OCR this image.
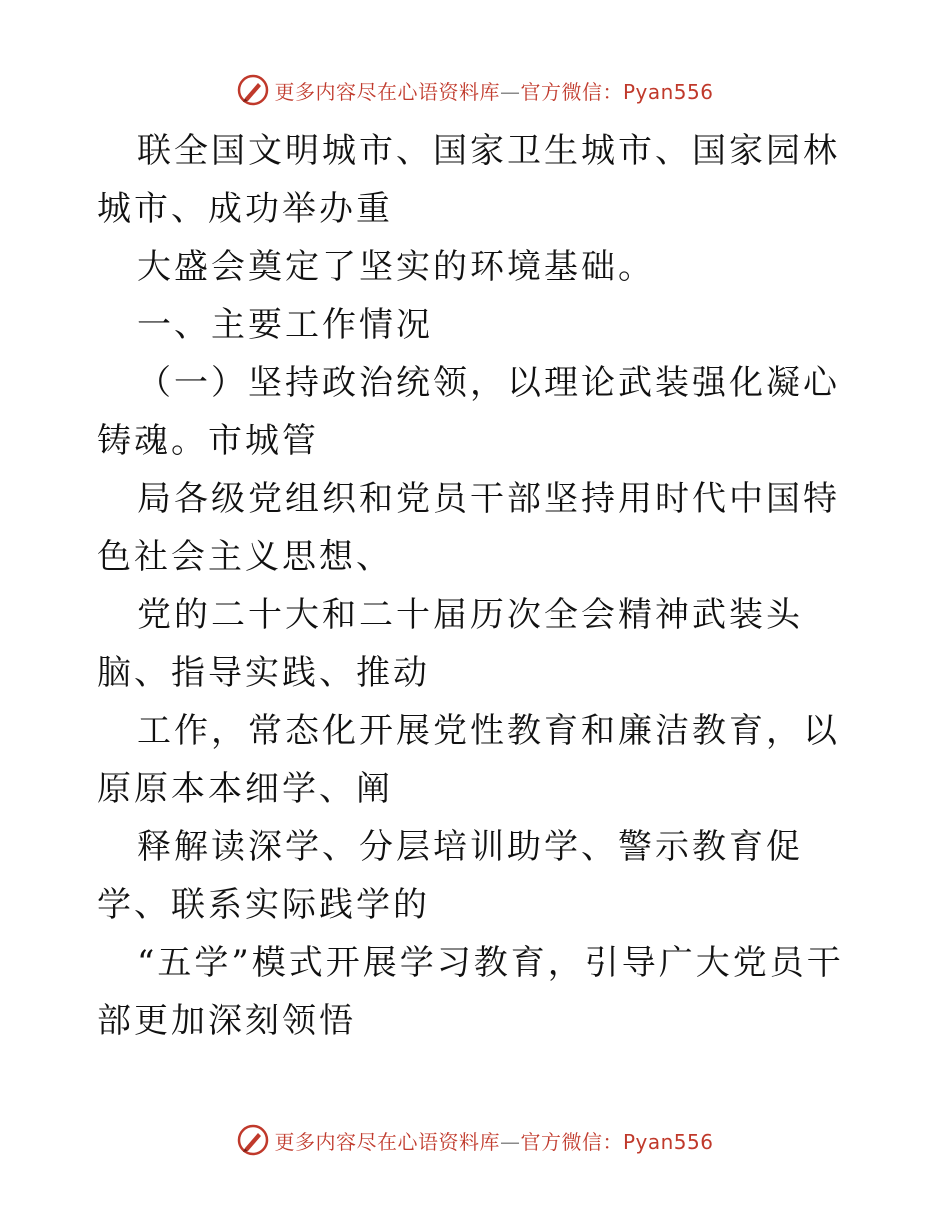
更多内容尽在心语资料库—官方微信：Pyan556

联全国文明城市、国家卫生城市、国家园林城市、成功举办重

大盛会奠定了坚实的环境基础。

一、主要工作情况

（一）坚持政治统领，以理论武装强化凝心铸魂。市城管

局各级党组织和党员干部坚持用时代中国特色社会主义思想、

党的二十大和二十届历次全会精神武装头脑、指导实践、推动

工作，常态化开展党性教育和廉洁教育，以原原本本细学、阐

释解读深学、分层培训助学、警示教育促学、联系实际践学的

“五学”模式开展学习教育，引导广大党员干部更加深刻领悟

更多内容尽在心语资料库—官方微信：Pyan556
